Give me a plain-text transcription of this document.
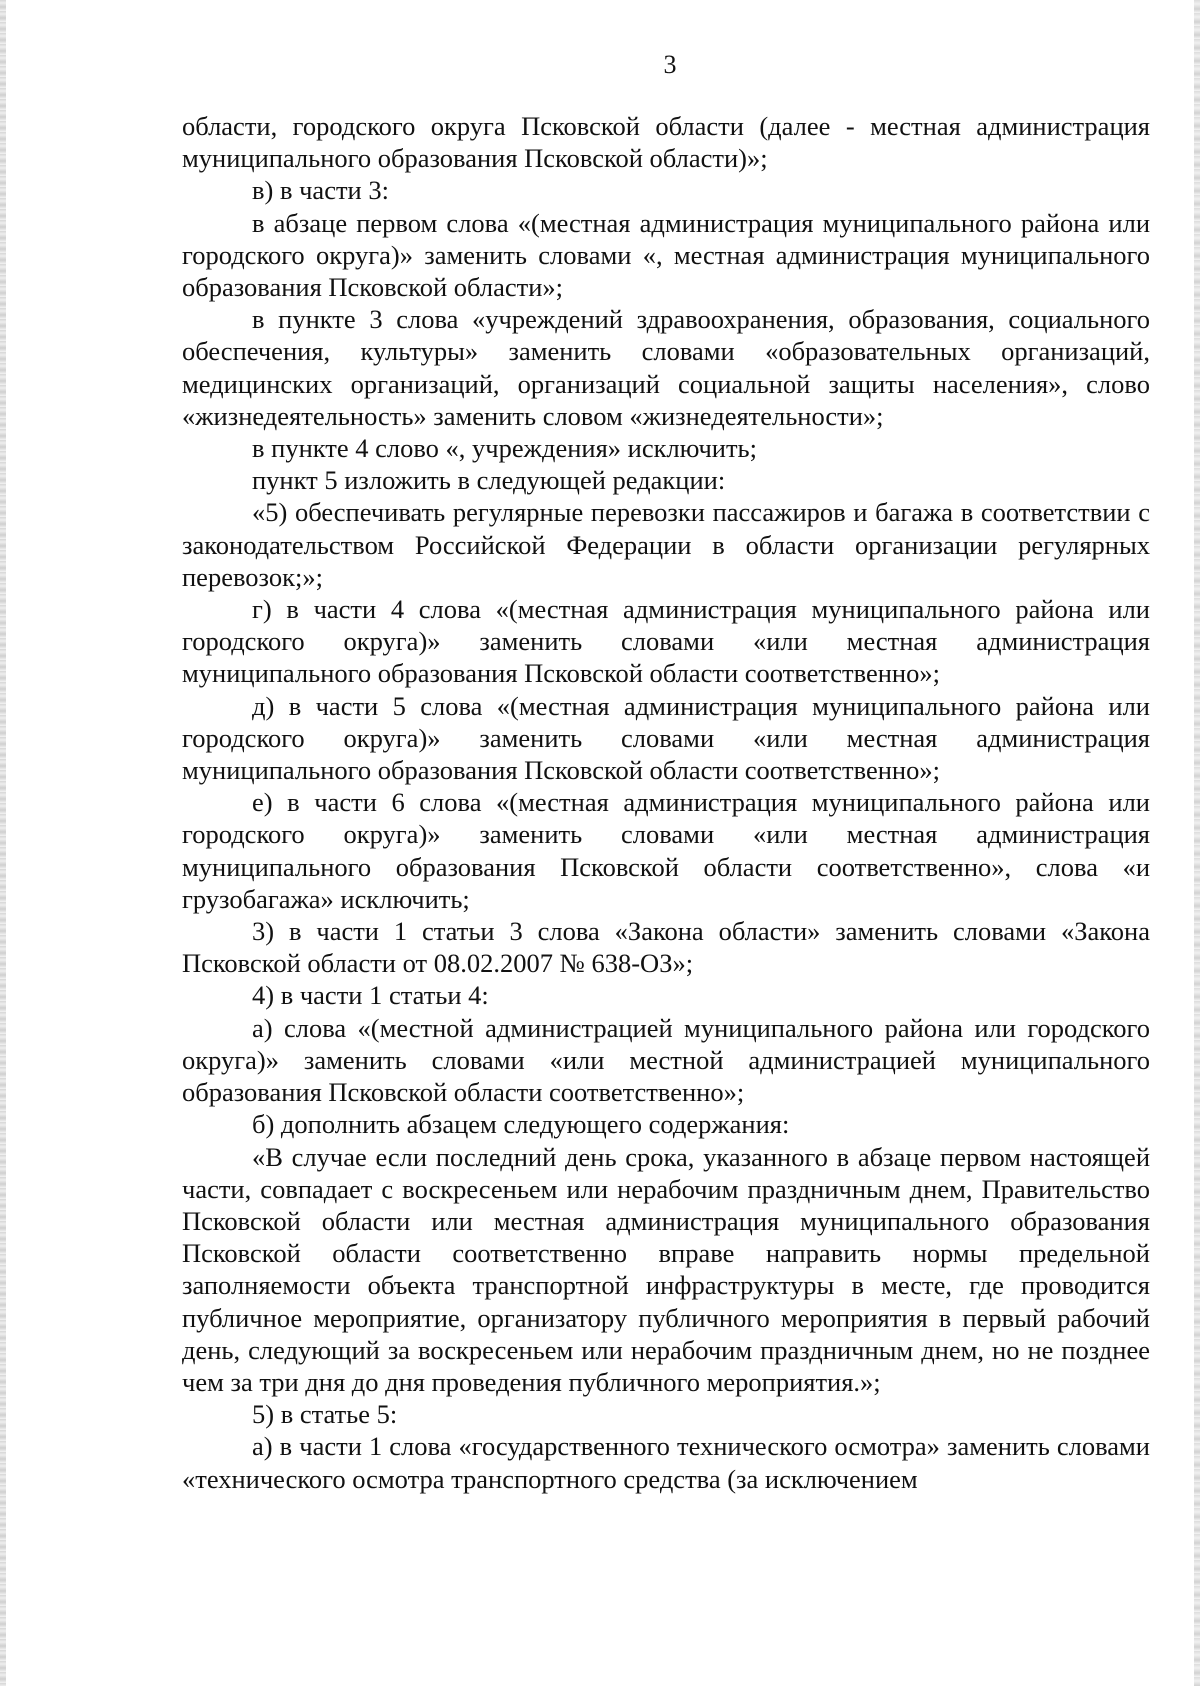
3

области, городского округа Псковской области (далее - местная администрация муниципального образования Псковской области)»;

в) в части 3:

в абзаце первом слова «(местная администрация муниципального района или городского округа)» заменить словами «, местная администрация муниципального образования Псковской области»;

в пункте 3 слова «учреждений здравоохранения, образования, социального обеспечения, культуры» заменить словами «образовательных организаций, медицинских организаций, организаций социальной защиты населения», слово «жизнедеятельность» заменить словом «жизнедеятельности»;

в пункте 4 слово «, учреждения» исключить;

пункт 5 изложить в следующей редакции:

«5) обеспечивать регулярные перевозки пассажиров и багажа в соответствии с законодательством Российской Федерации в области организации регулярных перевозок;»;

г) в части 4 слова «(местная администрация муниципального района или городского округа)» заменить словами «или местная администрация муниципального образования Псковской области соответственно»;

д) в части 5 слова «(местная администрация муниципального района или городского округа)» заменить словами «или местная администрация муниципального образования Псковской области соответственно»;

е) в части 6 слова «(местная администрация муниципального района или городского округа)» заменить словами «или местная администрация муниципального образования Псковской области соответственно», слова «и грузобагажа» исключить;

3) в части 1 статьи 3 слова «Закона области» заменить словами «Закона Псковской области от 08.02.2007 № 638-ОЗ»;

4) в части 1 статьи 4:

а) слова «(местной администрацией муниципального района или городского округа)» заменить словами «или местной администрацией муниципального образования Псковской области соответственно»;

б) дополнить абзацем следующего содержания:

«В случае если последний день срока, указанного в абзаце первом настоящей части, совпадает с воскресеньем или нерабочим праздничным днем, Правительство Псковской области или местная администрация муниципального образования Псковской области соответственно вправе направить нормы предельной заполняемости объекта транспортной инфраструктуры в месте, где проводится публичное мероприятие, организатору публичного мероприятия в первый рабочий день, следующий за воскресеньем или нерабочим праздничным днем, но не позднее чем за три дня до дня проведения публичного мероприятия.»;

5) в статье 5:

а) в части 1 слова «государственного технического осмотра» заменить словами «технического осмотра транспортного средства (за исключением
